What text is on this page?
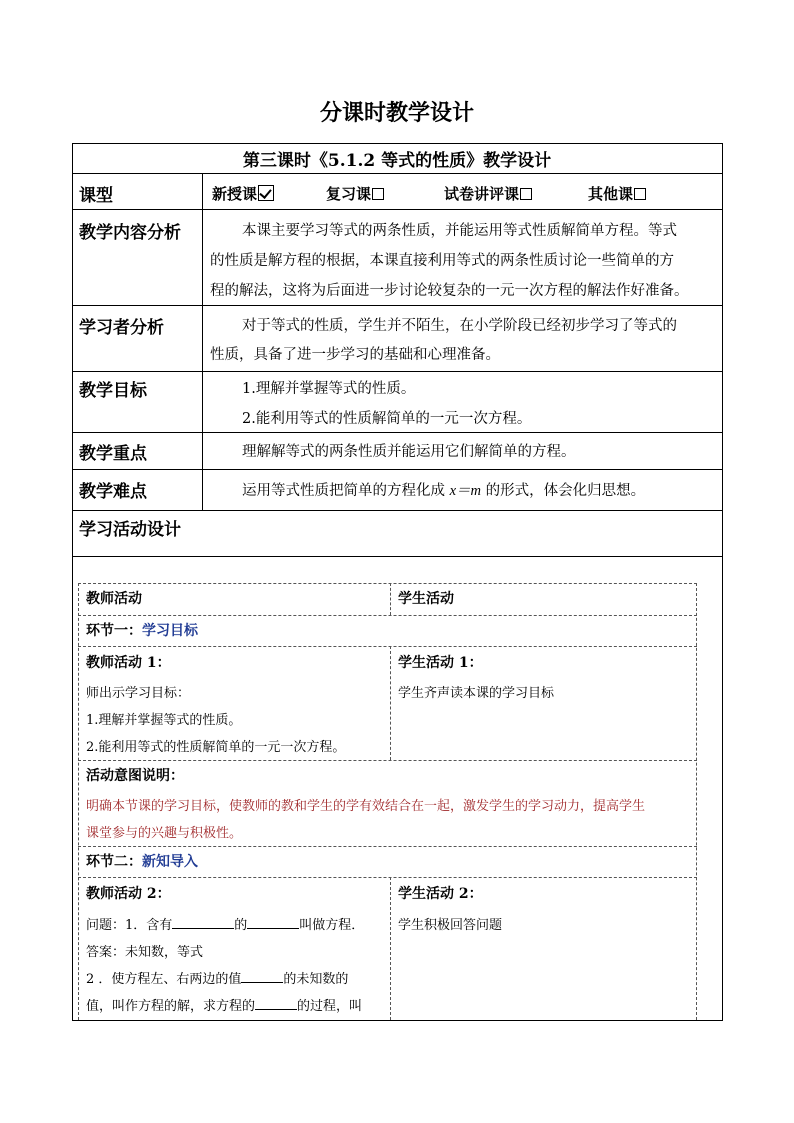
分课时教学设计
第三课时《5.1.2 等式的性质》教学设计
课型	新授课	复习课	试卷讲评课	其他课
教学内容分析	本课主要学习等式的两条性质，并能运用等式性质解简单方程。等式
的性质是解方程的根据，本课直接利用等式的两条性质讨论一些简单的方
程的解法，这将为后面进一步讨论较复杂的一元一次方程的解法作好准备。
学习者分析	对于等式的性质，学生并不陌生，在小学阶段已经初步学习了等式的
性质，具备了进一步学习的基础和心理准备。
教学目标	1.理解并掌握等式的性质。
2.能利用等式的性质解简单的一元一次方程。
教学重点	理解解等式的两条性质并能运用它们解简单的方程。
教学难点	运用等式性质把简单的方程化成 x＝m 的形式，体会化归思想。
学习活动设计
教师活动	学生活动
环节一：学习目标
教师活动 1：
师出示学习目标：
1.理解并掌握等式的性质。
2.能利用等式的性质解简单的一元一次方程。
学生活动 1：
学生齐声读本课的学习目标
活动意图说明：
明确本节课的学习目标，使教师的教和学生的学有效结合在一起，激发学生的学习动力，提高学生
课堂参与的兴趣与积极性。
环节二：新知导入
教师活动 2：
问题：1．含有	的	叫做方程．
答案：未知数，等式
2 ．使方程左、右两边的值	的未知数的
值，叫作方程的解，求方程的	的过程，叫
学生活动 2：
学生积极回答问题
